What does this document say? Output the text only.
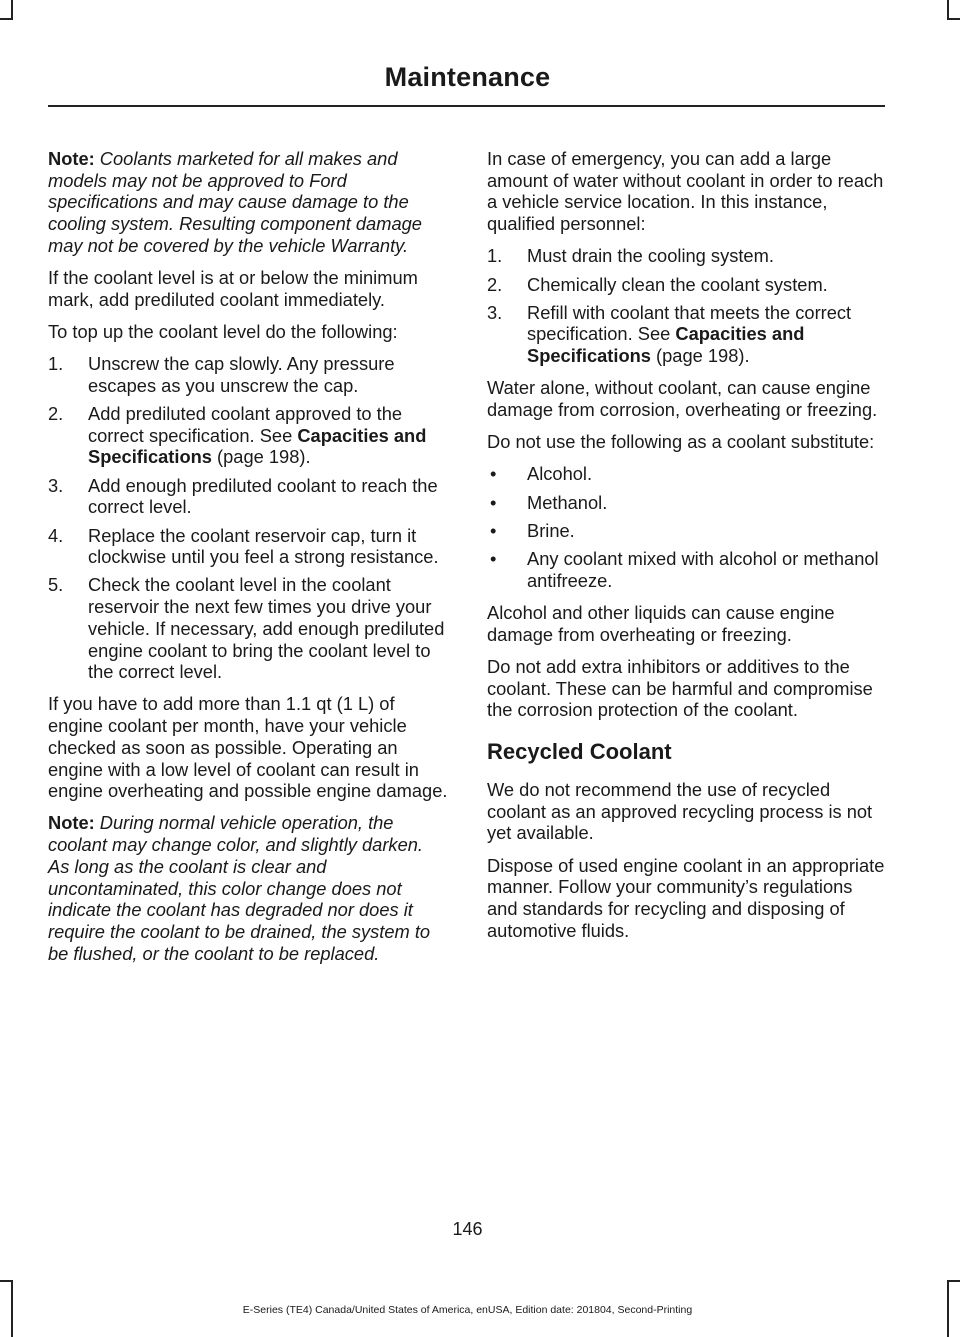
Maintenance

Note: Coolants marketed for all makes and models may not be approved to Ford specifications and may cause damage to the cooling system. Resulting component damage may not be covered by the vehicle Warranty.

If the coolant level is at or below the minimum mark, add prediluted coolant immediately.

To top up the coolant level do the following:

1. Unscrew the cap slowly. Any pressure escapes as you unscrew the cap.
2. Add prediluted coolant approved to the correct specification. See Capacities and Specifications (page 198).
3. Add enough prediluted coolant to reach the correct level.
4. Replace the coolant reservoir cap, turn it clockwise until you feel a strong resistance.
5. Check the coolant level in the coolant reservoir the next few times you drive your vehicle. If necessary, add enough prediluted engine coolant to bring the coolant level to the correct level.

If you have to add more than 1.1 qt (1 L) of engine coolant per month, have your vehicle checked as soon as possible. Operating an engine with a low level of coolant can result in engine overheating and possible engine damage.

Note: During normal vehicle operation, the coolant may change color, and slightly darken. As long as the coolant is clear and uncontaminated, this color change does not indicate the coolant has degraded nor does it require the coolant to be drained, the system to be flushed, or the coolant to be replaced.

In case of emergency, you can add a large amount of water without coolant in order to reach a vehicle service location. In this instance, qualified personnel:

1. Must drain the cooling system.
2. Chemically clean the coolant system.
3. Refill with coolant that meets the correct specification. See Capacities and Specifications (page 198).

Water alone, without coolant, can cause engine damage from corrosion, overheating or freezing.

Do not use the following as a coolant substitute:

• Alcohol.
• Methanol.
• Brine.
• Any coolant mixed with alcohol or methanol antifreeze.

Alcohol and other liquids can cause engine damage from overheating or freezing.

Do not add extra inhibitors or additives to the coolant. These can be harmful and compromise the corrosion protection of the coolant.

Recycled Coolant

We do not recommend the use of recycled coolant as an approved recycling process is not yet available.

Dispose of used engine coolant in an appropriate manner. Follow your community’s regulations and standards for recycling and disposing of automotive fluids.

146
E-Series (TE4) Canada/United States of America, enUSA, Edition date: 201804, Second-Printing
